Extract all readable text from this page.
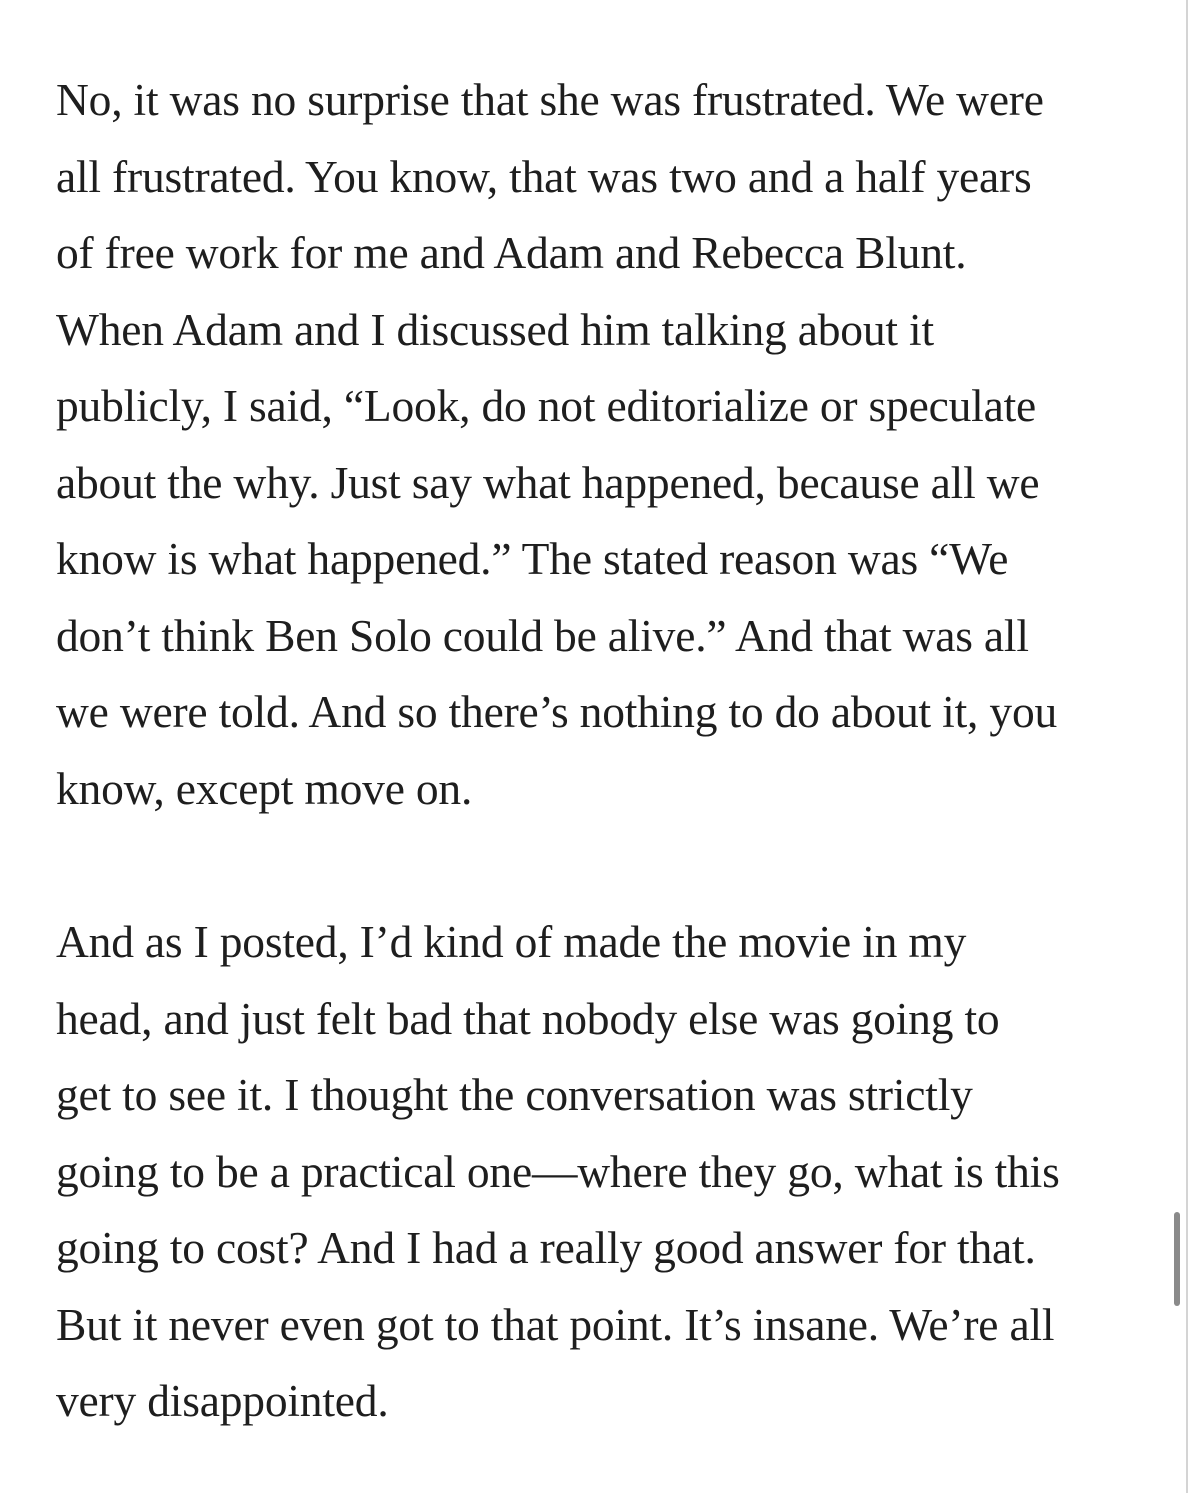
No, it was no surprise that she was frustrated. We were
all frustrated. You know, that was two and a half years
of free work for me and Adam and Rebecca Blunt.
When Adam and I discussed him talking about it
publicly, I said, “Look, do not editorialize or speculate
about the why. Just say what happened, because all we
know is what happened.” The stated reason was “We
don’t think Ben Solo could be alive.” And that was all
we were told. And so there’s nothing to do about it, you
know, except move on.
And as I posted, I’d kind of made the movie in my
head, and just felt bad that nobody else was going to
get to see it. I thought the conversation was strictly
going to be a practical one—where they go, what is this
going to cost? And I had a really good answer for that.
But it never even got to that point. It’s insane. We’re all
very disappointed.
